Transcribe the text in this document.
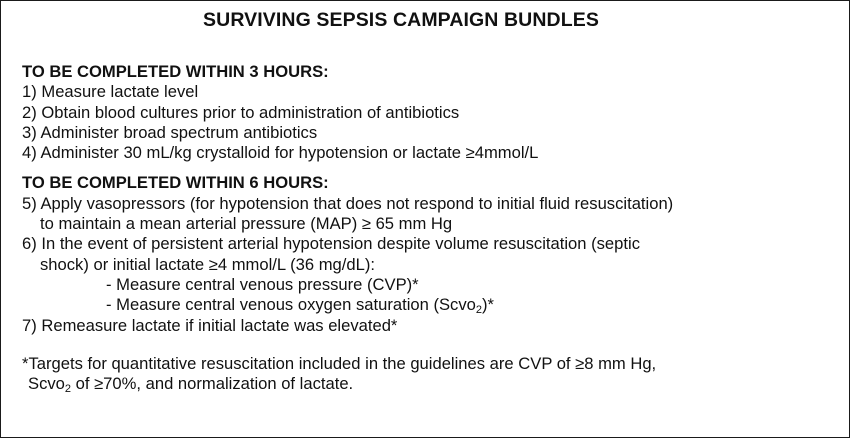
SURVIVING SEPSIS CAMPAIGN BUNDLES
TO BE COMPLETED WITHIN 3 HOURS:
1) Measure lactate level
2) Obtain blood cultures prior to administration of antibiotics
3) Administer broad spectrum antibiotics
4) Administer 30 mL/kg crystalloid for hypotension or lactate ≥4mmol/L
TO BE COMPLETED WITHIN 6 HOURS:
5) Apply vasopressors (for hypotension that does not respond to initial fluid resuscitation)
to maintain a mean arterial pressure (MAP) ≥ 65 mm Hg
6) In the event of persistent arterial hypotension despite volume resuscitation (septic
shock) or initial lactate ≥4 mmol/L (36 mg/dL):
- Measure central venous pressure (CVP)*
- Measure central venous oxygen saturation (Scvo$_2$)*
7) Remeasure lactate if initial lactate was elevated*
*Targets for quantitative resuscitation included in the guidelines are CVP of ≥8 mm Hg,
Scvo$_2$ of ≥70%, and normalization of lactate.
